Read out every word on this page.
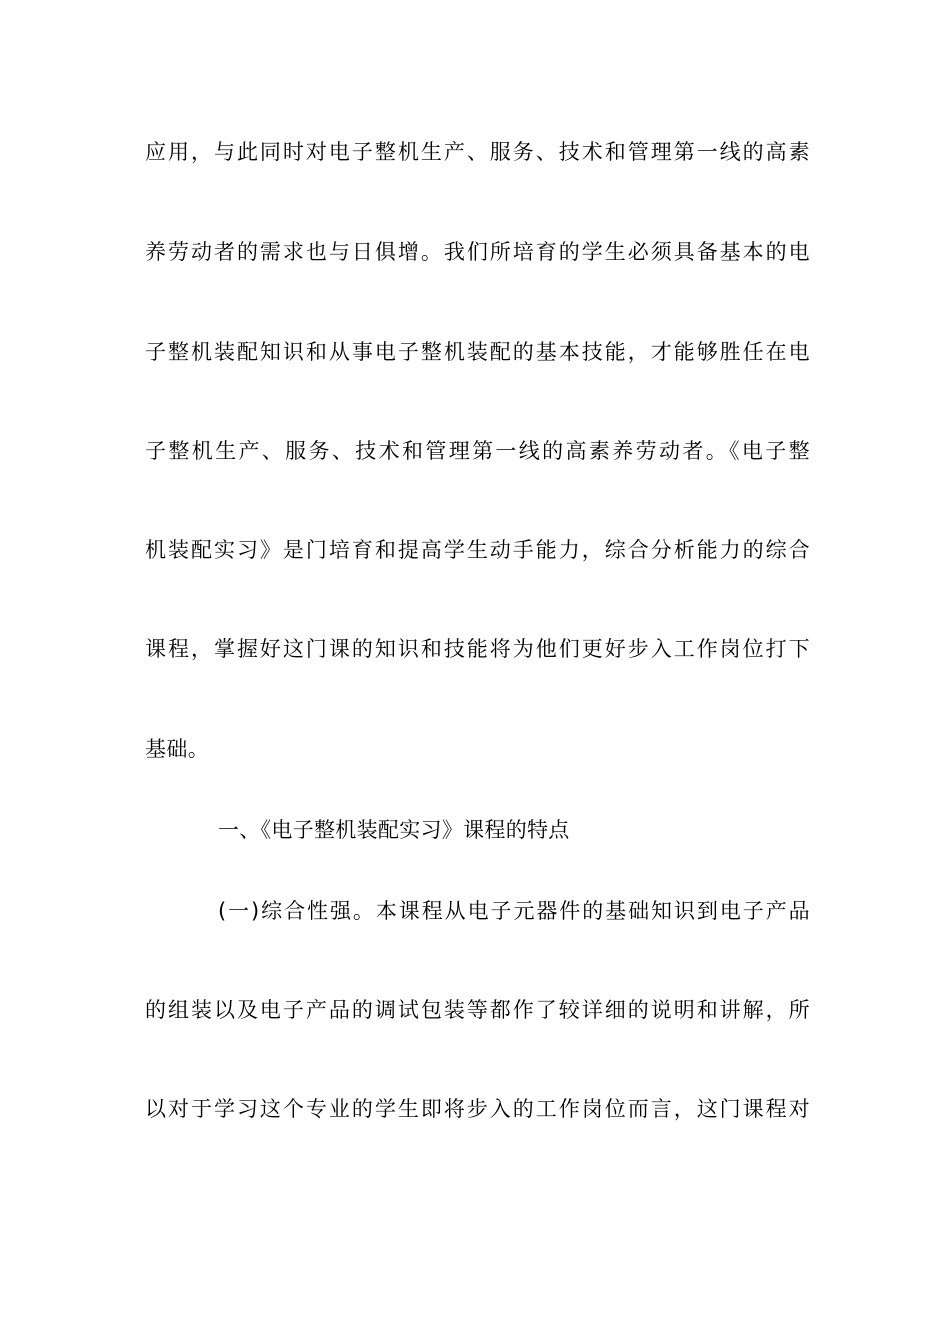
应用，与此同时对电子整机生产、服务、技术和管理第一线的高素
养劳动者的需求也与日俱增。我们所培育的学生必须具备基本的电
子整机装配知识和从事电子整机装配的基本技能，才能够胜任在电
子整机生产、服务、技术和管理第一线的高素养劳动者。《电子整
机装配实习》是门培育和提高学生动手能力，综合分析能力的综合
课程，掌握好这门课的知识和技能将为他们更好步入工作岗位打下
基础。
一、《电子整机装配实习》课程的特点
(一)综合性强。本课程从电子元器件的基础知识到电子产品
的组装以及电子产品的调试包装等都作了较详细的说明和讲解，所
以对于学习这个专业的学生即将步入的工作岗位而言，这门课程对
